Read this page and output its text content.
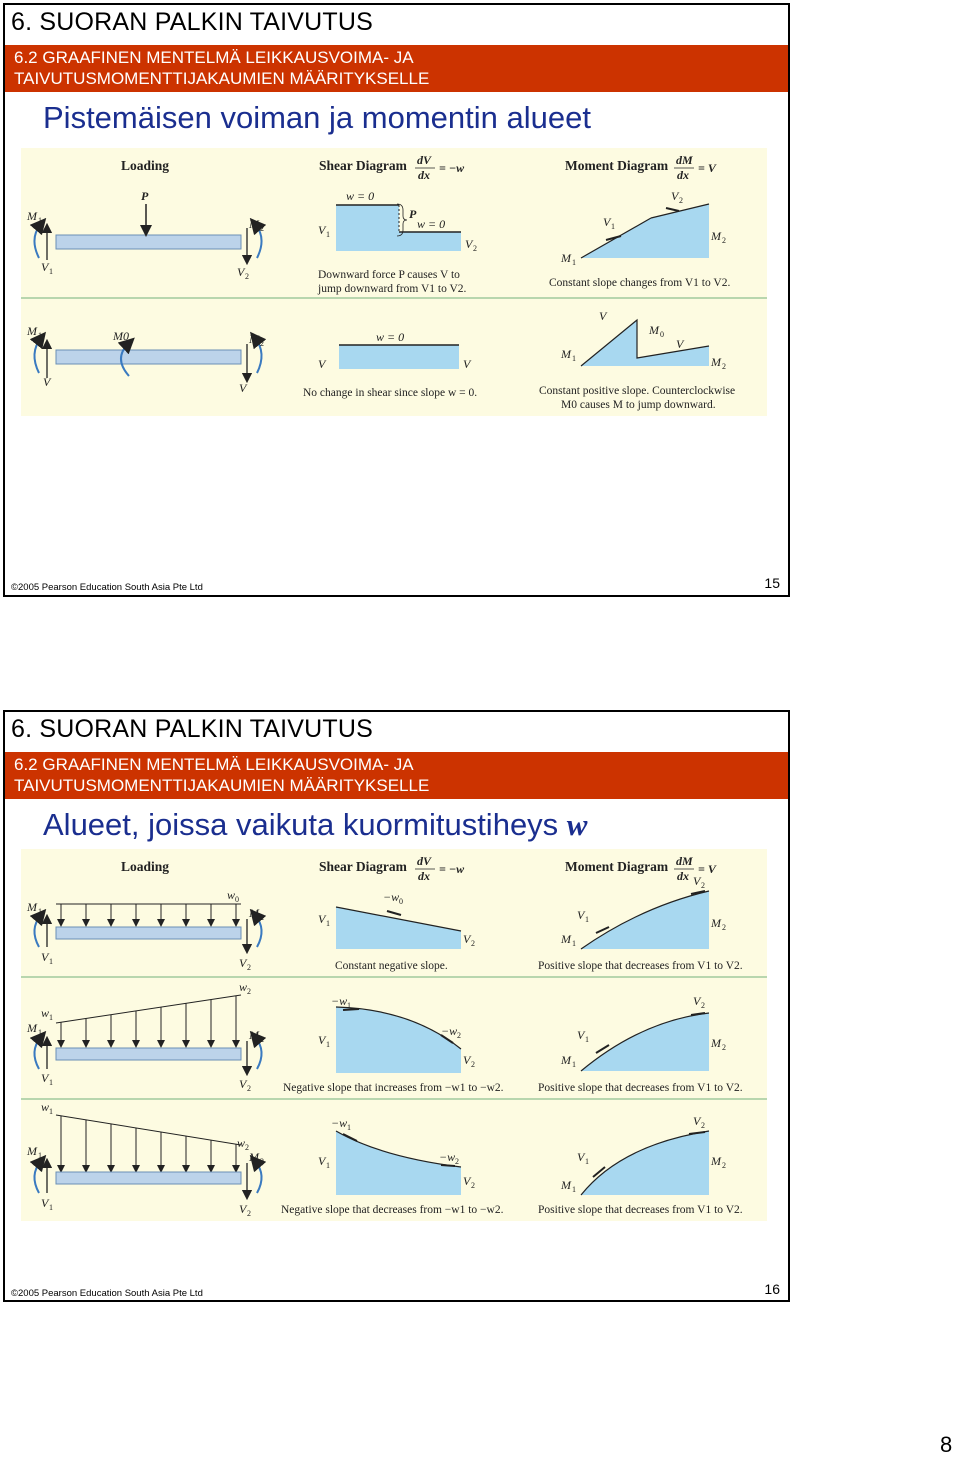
6. SUORAN PALKIN TAIVUTUS
6.2 GRAAFINEN MENTELMÄ LEIKKAUSVOIMA- JA
TAIVUTUSMOMENTTIJAKAUMIEN MÄÄRITYKSELLE
Pistemäisen voiman ja momentin alueet
Loading	Shear Diagram dV
dx = −w	Moment Diagram dM
dx = V
P
M 1	M 2
V 1	V 2
w = 0
w = 0
P
V 1
V 2
Downward force P causes V to
jump downward from V1 to V2.
V 1
V 2
M 1
M 2
Constant slope changes from V1 to V2.
M0
M 1	M 2
V	V
w = 0
V	V
No change in shear since slope w = 0.
V
M 0
V
M 1	M 2
Constant positive slope. Counterclockwise
M0 causes M to jump downward.
©2005 Pearson Education South Asia Pte Ltd	15
6. SUORAN PALKIN TAIVUTUS
6.2 GRAAFINEN MENTELMÄ LEIKKAUSVOIMA- JA
TAIVUTUSMOMENTTIJAKAUMIEN MÄÄRITYKSELLE
Alueet, joissa vaikuta kuormitustiheys w
Loading	Shear Diagram dV
dx = −w	Moment Diagram dM
dx = V
w 0
M 1	M 2
V 1	V 2
−w 0
V 1
V 2
Constant negative slope.
V 1
V 2
M 1
M 2
Positive slope that decreases from V1 to V2.
w 1
w 2
M 1	M 2
V 1	V 2
−w 1
−w 2
V 1
V 2
Negative slope that increases from −w1 to −w2.
V 1
V 2
M 1
M 2
Positive slope that decreases from V1 to V2.
w 1
w 2
M 1	M 2
V 1	V 2
−w 1
−w 2
V 1
V 2
Negative slope that decreases from −w1 to −w2.
V 1
V 2
M 1
M 2
Positive slope that decreases from V1 to V2.
©2005 Pearson Education South Asia Pte Ltd	16
8
